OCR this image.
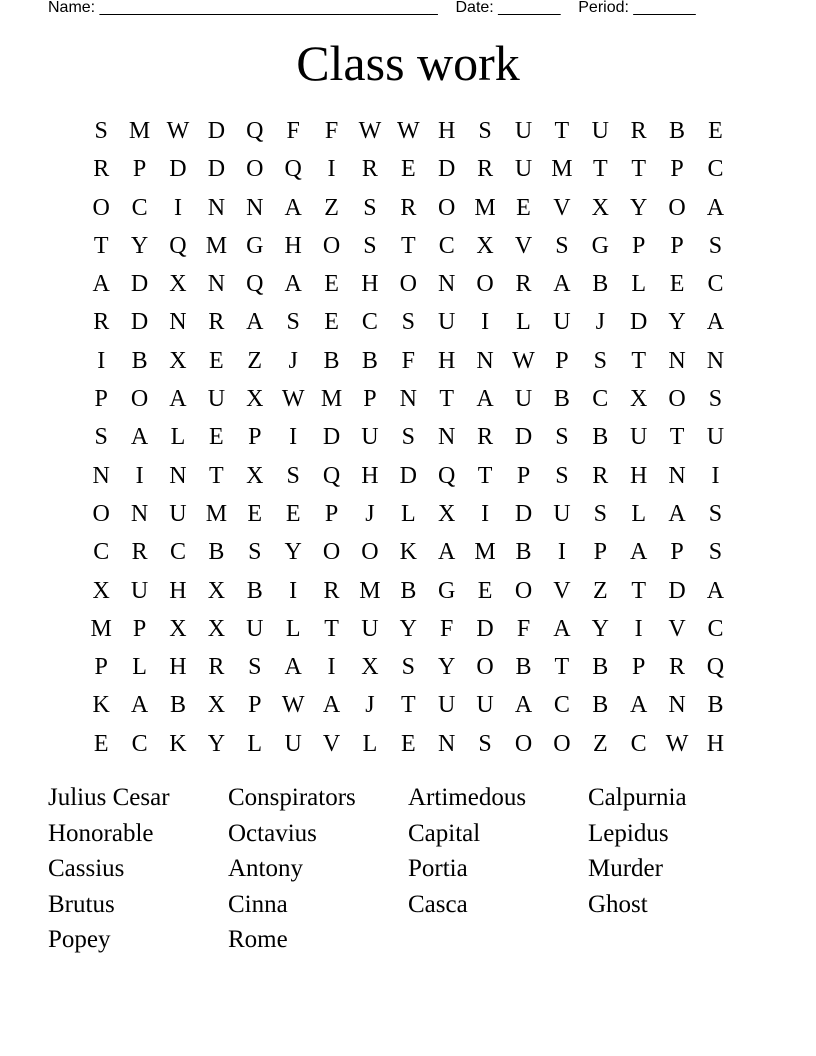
Name: ______________________________________    Date: _______    Period: _______
Class work
S M W D Q F	F W W H S U T U R B E
R P D D O Q	I	R E D R U M T T	P C
O C	I	N N A Z	S R O M E V X Y O A
T Y Q M G H O S	T C X V S G P	P	S
A D X N Q A E H O N O R A B L E C
R D N R A S	E C S U	I	L U	J	D Y A
I	B X E Z	J	B B F H N W P	S	T N N
P O A U X W M P N T A U B C X O S
S A L E	P	I	D U S N R D S B U T U
N	I	N T X S Q H D Q T	P	S R H N	I
O N U M E E	P	J	L X	I	D U S	L A S
C R C B S Y O O K A M B	I	P A P	S
X U H X B	I	R M B G E O V Z T D A
M P X X U L T U Y F D F A Y	I	V C
P	L H R S A	I	X S Y O B T B P R Q
K A B X P W A	J	T U U A C B A N B
E C K Y L U V L E N S O O Z C W H
Julius Cesar	Conspirators	Artimedous	Calpurnia
Honorable	Octavius	Capital	Lepidus
Cassius	Antony	Portia	Murder
Brutus	Cinna	Casca	Ghost
Popey	Rome
